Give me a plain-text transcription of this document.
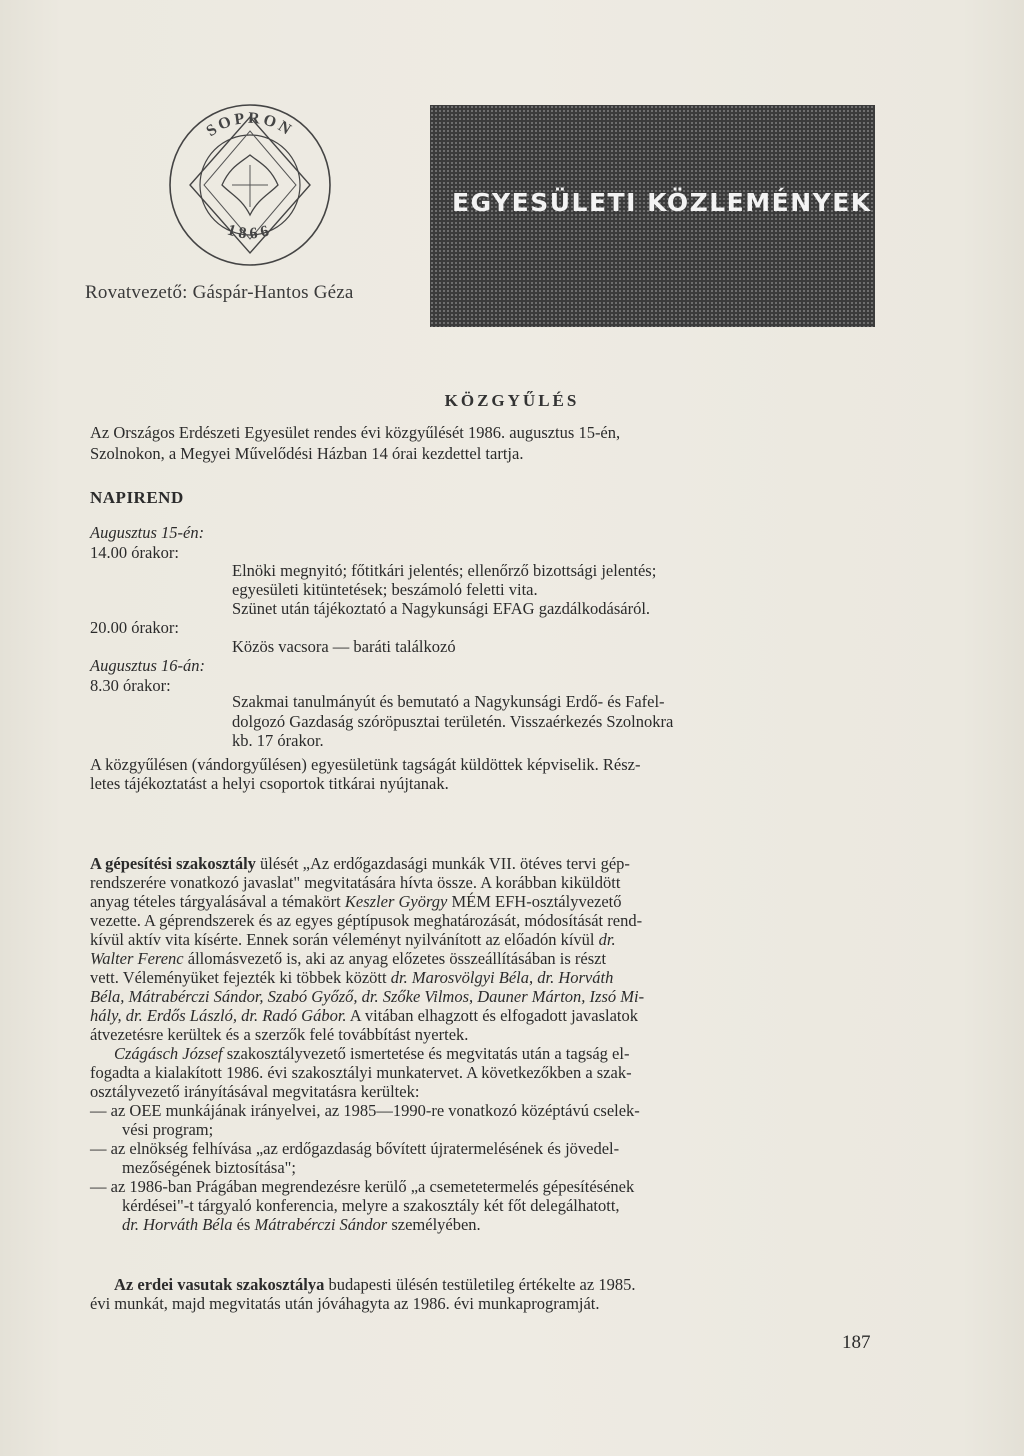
SOPRON
1866
Rovatvezető: Gáspár-Hantos Géza
EGYESÜLETI KÖZLEMÉNYEK
KÖZGYŰLÉS
Az Országos Erdészeti Egyesület rendes évi közgyűlését 1986. augusztus 15-én,
Szolnokon, a Megyei Művelődési Házban 14 órai kezdettel tartja.
NAPIREND
Augusztus 15-én:
14.00 órakor:
Elnöki megnyitó; főtitkári jelentés; ellenőrző bizottsági jelentés;
egyesületi kitüntetések; beszámoló feletti vita.
Szünet után tájékoztató a Nagykunsági EFAG gazdálkodásáról.
20.00 órakor:
Közös vacsora — baráti találkozó
Augusztus 16-án:
8.30 órakor:
Szakmai tanulmányút és bemutató a Nagykunsági Erdő- és Fafel-
dolgozó Gazdaság szóröpusztai területén. Visszaérkezés Szolnokra
kb. 17 órakor.
A közgyűlésen (vándorgyűlésen) egyesületünk tagságát küldöttek képviselik. Rész-
letes tájékoztatást a helyi csoportok titkárai nyújtanak.
A gépesítési szakosztály ülését „Az erdőgazdasági munkák VII. ötéves tervi gép-
rendszerére vonatkozó javaslat" megvitatására hívta össze. A korábban kiküldött
anyag tételes tárgyalásával a témakört Keszler György MÉM EFH-osztályvezető
vezette. A géprendszerek és az egyes géptípusok meghatározását, módosítását rend-
kívül aktív vita kísérte. Ennek során véleményt nyilvánított az előadón kívül dr.
Walter Ferenc állomásvezető is, aki az anyag előzetes összeállításában is részt
vett. Véleményüket fejezték ki többek között dr. Marosvölgyi Béla, dr. Horváth
Béla, Mátrabérczi Sándor, Szabó Győző, dr. Szőke Vilmos, Dauner Márton, Izsó Mi-
hály, dr. Erdős László, dr. Radó Gábor. A vitában elhagzott és elfogadott javaslatok
átvezetésre kerültek és a szerzők felé továbbítást nyertek.
Czágásch József szakosztályvezető ismertetése és megvitatás után a tagság el-
fogadta a kialakított 1986. évi szakosztályi munkatervet. A következőkben a szak-
osztályvezető irányításával megvitatásra kerültek:
— az OEE munkájának irányelvei, az 1985—1990-re vonatkozó középtávú cselek-
vési program;
— az elnökség felhívása „az erdőgazdaság bővített újratermelésének és jövedel-
mezőségének biztosítása";
— az 1986-ban Prágában megrendezésre kerülő „a csemetetermelés gépesítésének
kérdései"-t tárgyaló konferencia, melyre a szakosztály két főt delegálhatott,
dr. Horváth Béla és Mátrabérczi Sándor személyében.
Az erdei vasutak szakosztálya budapesti ülésén testületileg értékelte az 1985.
évi munkát, majd megvitatás után jóváhagyta az 1986. évi munkaprogramját.
187
